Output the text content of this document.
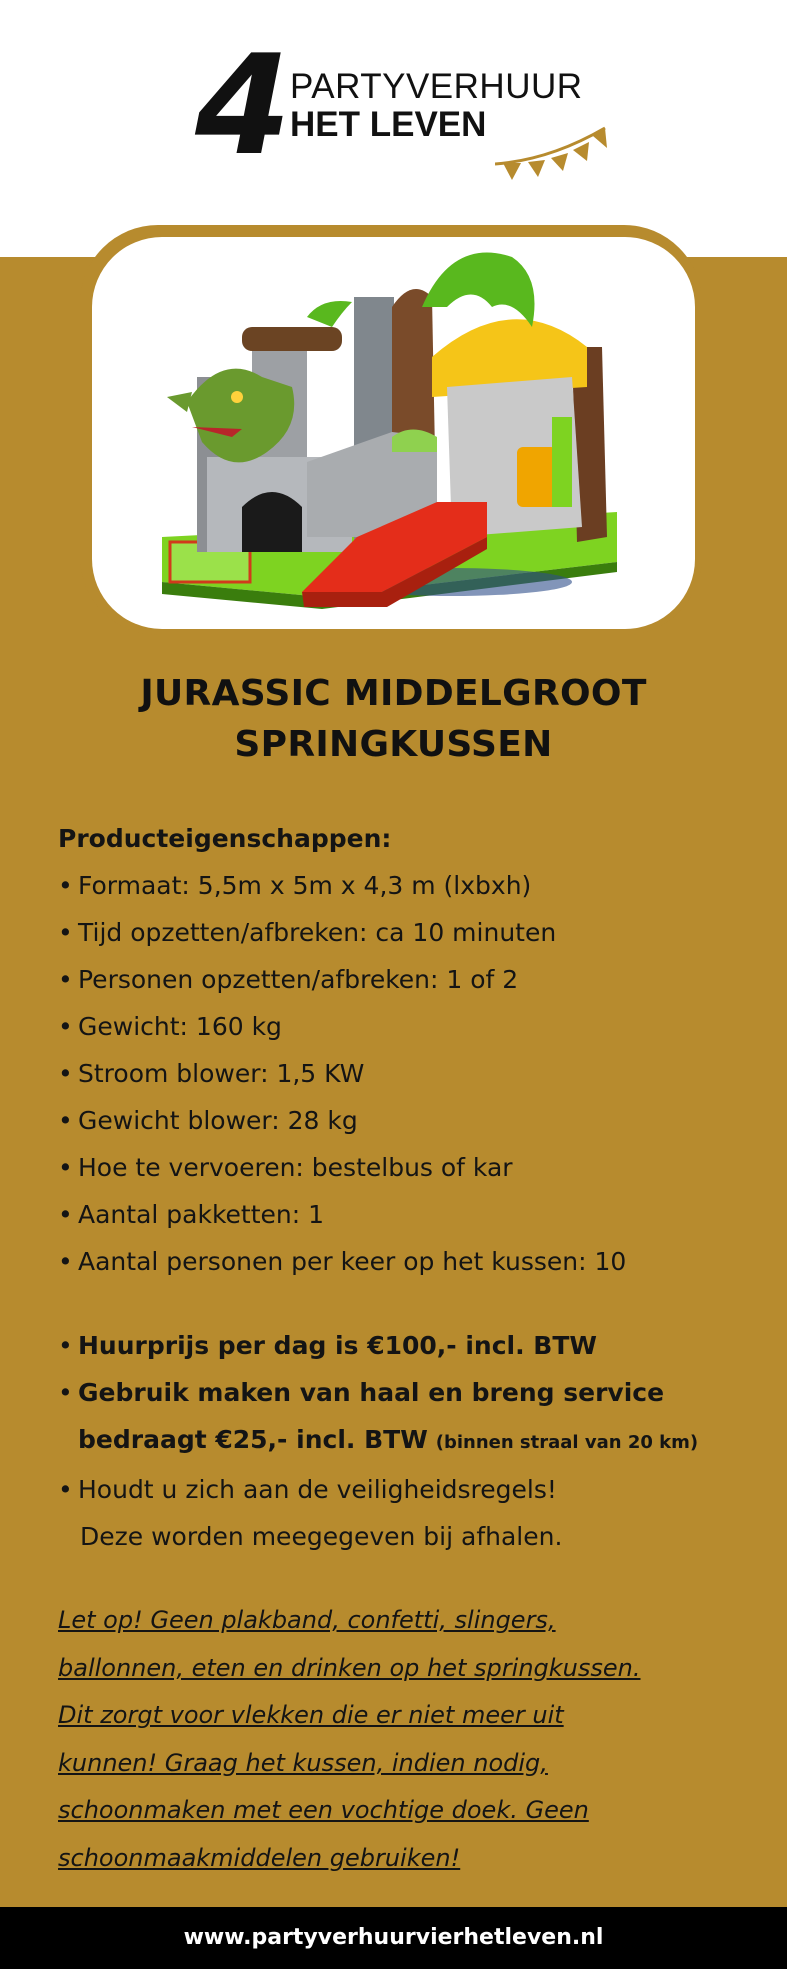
4
PARTYVERHUUR
HET LEVEN
JURASSIC MIDDELGROOT
SPRINGKUSSEN

Producteigenschappen:

• Formaat: 5,5m x 5m x 4,3 m (lxbxh)
• Tijd opzetten/afbreken: ca 10 minuten
• Personen opzetten/afbreken: 1 of 2
• Gewicht: 160 kg
• Stroom blower: 1,5 KW
• Gewicht blower: 28 kg
• Hoe te vervoeren: bestelbus of kar
• Aantal pakketten: 1
• Aantal personen per keer op het kussen: 10
• Huurprijs per dag is €100,- incl. BTW
• Gebruik maken van haal en breng service
bedraagt €25,- incl. BTW (binnen straal van 20 km)
• Houdt u zich aan de veiligheidsregels!
Deze worden meegegeven bij afhalen.
Let op! Geen plakband, confetti, slingers,
ballonnen, eten en drinken op het springkussen.
Dit zorgt voor vlekken die er niet meer uit
kunnen! Graag het kussen, indien nodig,
schoonmaken met een vochtige doek. Geen
schoonmaakmiddelen gebruiken!
www.partyverhuurvierhetleven.nl
